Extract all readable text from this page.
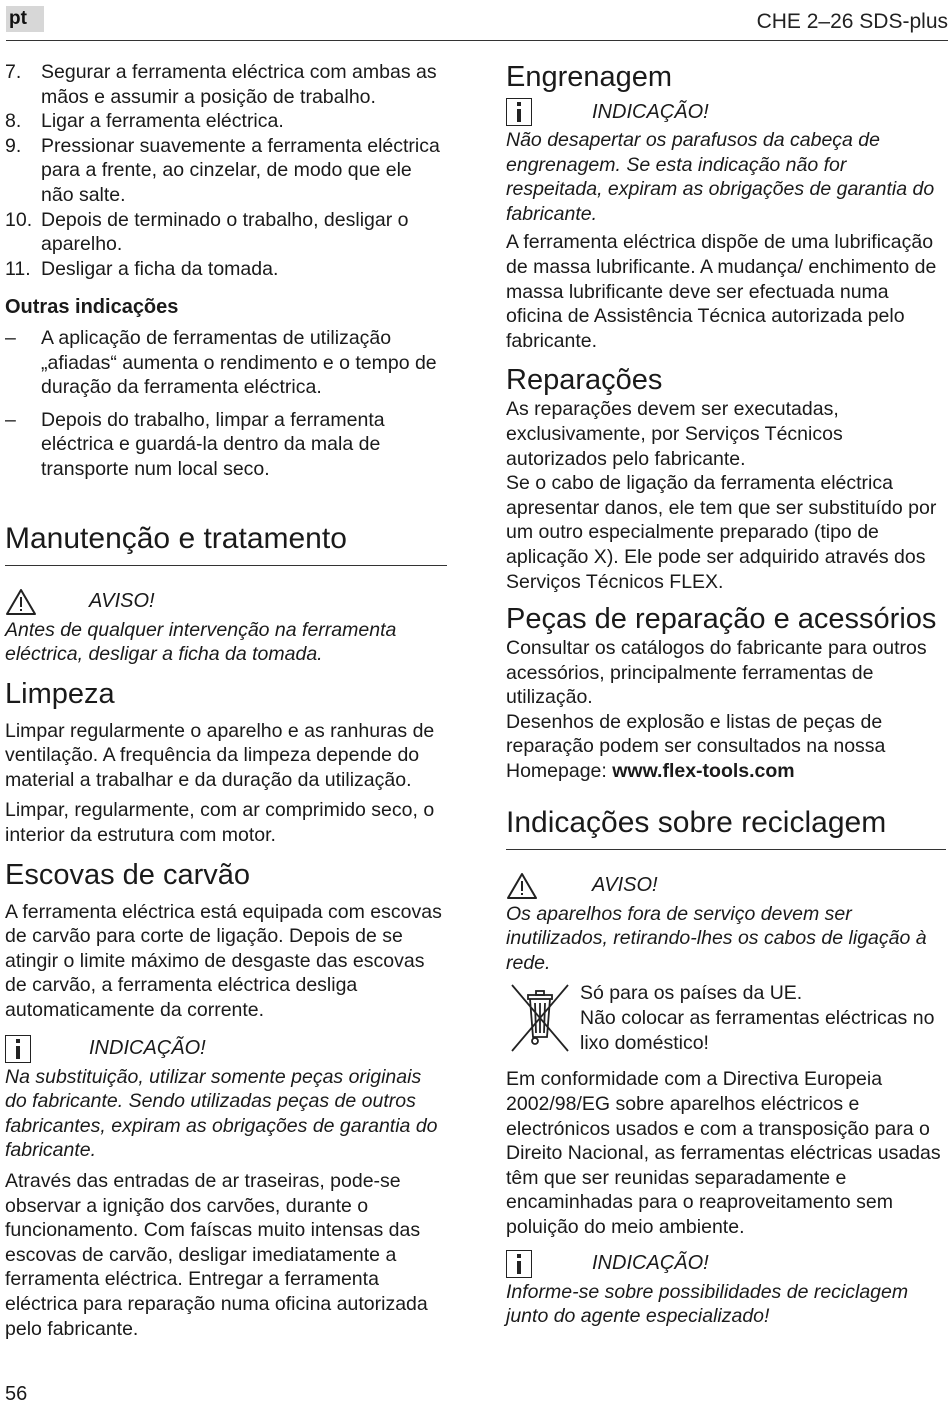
pt	CHE 2–26 SDS-plus
7.	Segurar a ferramenta eléctrica com ambas as mãos e assumir a posição de trabalho.
8.	Ligar a ferramenta eléctrica.
9.	Pressionar suavemente a ferramenta eléctrica para a frente, ao cinzelar, de modo que ele não salte.
10. Depois de terminado o trabalho, desligar o aparelho.
11. Desligar a ficha da tomada.
Outras indicações
–	A aplicação de ferramentas de utilização „afiadas“ aumenta o rendimento e o tempo de duração da ferramenta eléctrica.
–	Depois do trabalho, limpar a ferramenta eléctrica e guardá-la dentro da mala de transporte num local seco.
Manutenção e tratamento
AVISO!

Antes de qualquer intervenção na ferramenta eléctrica, desligar a ficha da tomada.

Limpeza

Limpar regularmente o aparelho e as ranhuras de ventilação. A frequência da limpeza depende do material a trabalhar e da duração da utilização.

Limpar, regularmente, com ar comprimido seco, o interior da estrutura com motor.

Escovas de carvão

A ferramenta eléctrica está equipada com escovas de carvão para corte de ligação. Depois de se atingir o limite máximo de desgaste das escovas de carvão, a ferramenta eléctrica desliga automaticamente da corrente.

INDICAÇÃO!

Na substituição, utilizar somente peças originais do fabricante. Sendo utilizadas peças de outros fabricantes, expiram as obrigações de garantia do fabricante.

Através das entradas de ar traseiras, pode-se observar a ignição dos carvões, durante o funcionamento. Com faíscas muito intensas das escovas de carvão, desligar imediatamente a ferramenta eléctrica. Entregar a ferramenta eléctrica para reparação numa oficina autorizada pelo fabricante.

Engrenagem
INDICAÇÃO!

Não desapertar os parafusos da cabeça de engrenagem. Se esta indicação não for respeitada, expiram as obrigações de garantia do fabricante.

A ferramenta eléctrica dispõe de uma lubrificação de massa lubrificante. A mudança/ enchimento de massa lubrificante deve ser efectuada numa oficina de Assistência Técnica autorizada pelo fabricante.

Reparações

As reparações devem ser executadas, exclusivamente, por Serviços Técnicos autorizados pelo fabricante.

Se o cabo de ligação da ferramenta eléctrica apresentar danos, ele tem que ser substituído por um outro especialmente preparado (tipo de aplicação X). Ele pode ser adquirido através dos Serviços Técnicos FLEX.

Peças de reparação e acessórios

Consultar os catálogos do fabricante para outros acessórios, principalmente ferramentas de utilização.

Desenhos de explosão e listas de peças de reparação podem ser consultados na nossa Homepage: www.flex-tools.com

Indicações sobre reciclagem
AVISO!

Os aparelhos fora de serviço devem ser inutilizados, retirando-lhes os cabos de ligação à rede.

Só para os países da UE.

Não colocar as ferramentas eléctricas no lixo doméstico!

Em conformidade com a Directiva Europeia 2002/98/EG sobre aparelhos eléctricos e electrónicos usados e com a transposição para o Direito Nacional, as ferramentas eléctricas usadas têm que ser reunidas separadamente e encaminhadas para o reaproveitamento sem poluição do meio ambiente.

INDICAÇÃO!

Informe-se sobre possibilidades de reciclagem junto do agente especializado!

56
